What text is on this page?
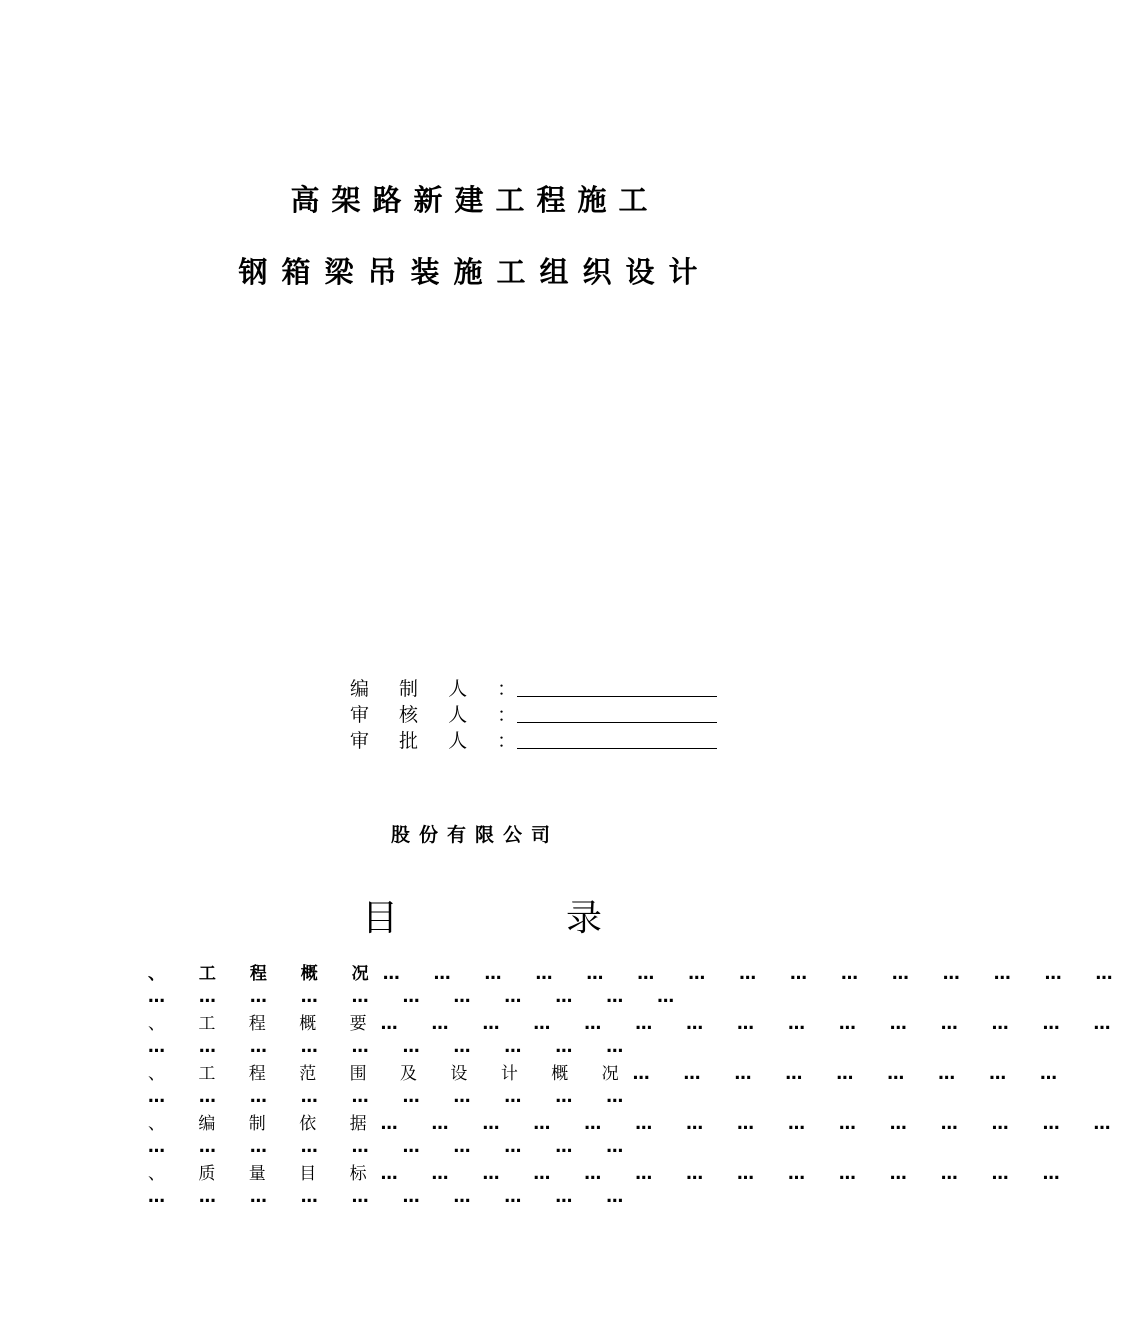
高架路新建工程施工
钢箱梁吊装施工组织设计
编 制 人 ：
审 核 人 ：
审 批 人 ：
股份有限公司
目	录
、 工 程 概 况 … … … … … … … … … … … … … … …
… … … … … … … … … … …
、 工 程 概 要 … … … … … … … … … … … … … … …
… … … … … … … … … …
、 工 程 范 围 及 设 计 概 况 … … … … … … … … …
… … … … … … … … … …
、 编 制 依 据 … … … … … … … … … … … … … … …
… … … … … … … … … …
、 质 量 目 标 … … … … … … … … … … … … … …
… … … … … … … … … …
